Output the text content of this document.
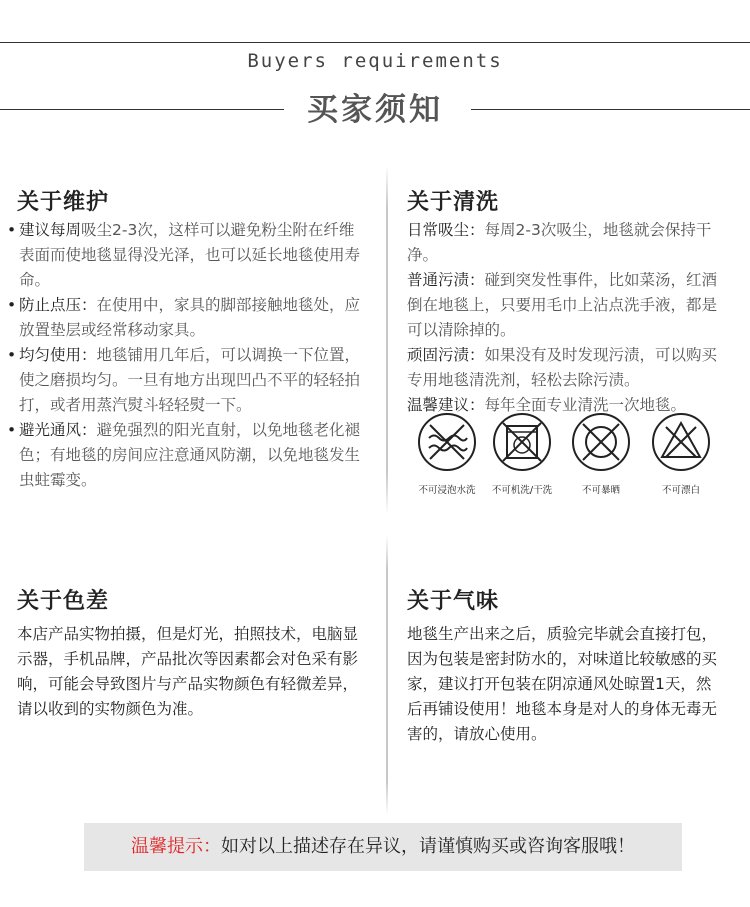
Buyers requirements
买家须知
关于维护
• 建议每周吸尘2-3次，这样可以避免粉尘附在纤维表面而使地毯显得没光泽，也可以延长地毯使用寿命。
• 防止点压：在使用中，家具的脚部接触地毯处，应放置垫层或经常移动家具。
• 均匀使用：地毯铺用几年后，可以调换一下位置，使之磨损均匀。一旦有地方出现凹凸不平的轻轻拍打，或者用蒸汽熨斗轻轻熨一下。
• 避光通风：避免强烈的阳光直射，以免地毯老化褪色；有地毯的房间应注意通风防潮，以免地毯发生虫蛀霉变。
关于清洗
日常吸尘：每周2-3次吸尘，地毯就会保持干净。
普通污渍：碰到突发性事件，比如菜汤，红酒倒在地毯上，只要用毛巾上沾点洗手液，都是可以清除掉的。
顽固污渍：如果没有及时发现污渍，可以购买专用地毯清洗剂，轻松去除污渍。
温馨建议：每年全面专业清洗一次地毯。
不可浸泡水洗	不可机洗/干洗	不可暴晒	不可漂白
关于色差
本店产品实物拍摄，但是灯光，拍照技术，电脑显示器，手机品牌，产品批次等因素都会对色采有影响，可能会导致图片与产品实物颜色有轻微差异，请以收到的实物颜色为准。
关于气味
地毯生产出来之后，质验完毕就会直接打包，因为包装是密封防水的，对味道比较敏感的买家，建议打开包装在阴凉通风处晾置1天，然后再铺设使用！地毯本身是对人的身体无毒无害的，请放心使用。
温馨提示：如对以上描述存在异议，请谨慎购买或咨询客服哦！
